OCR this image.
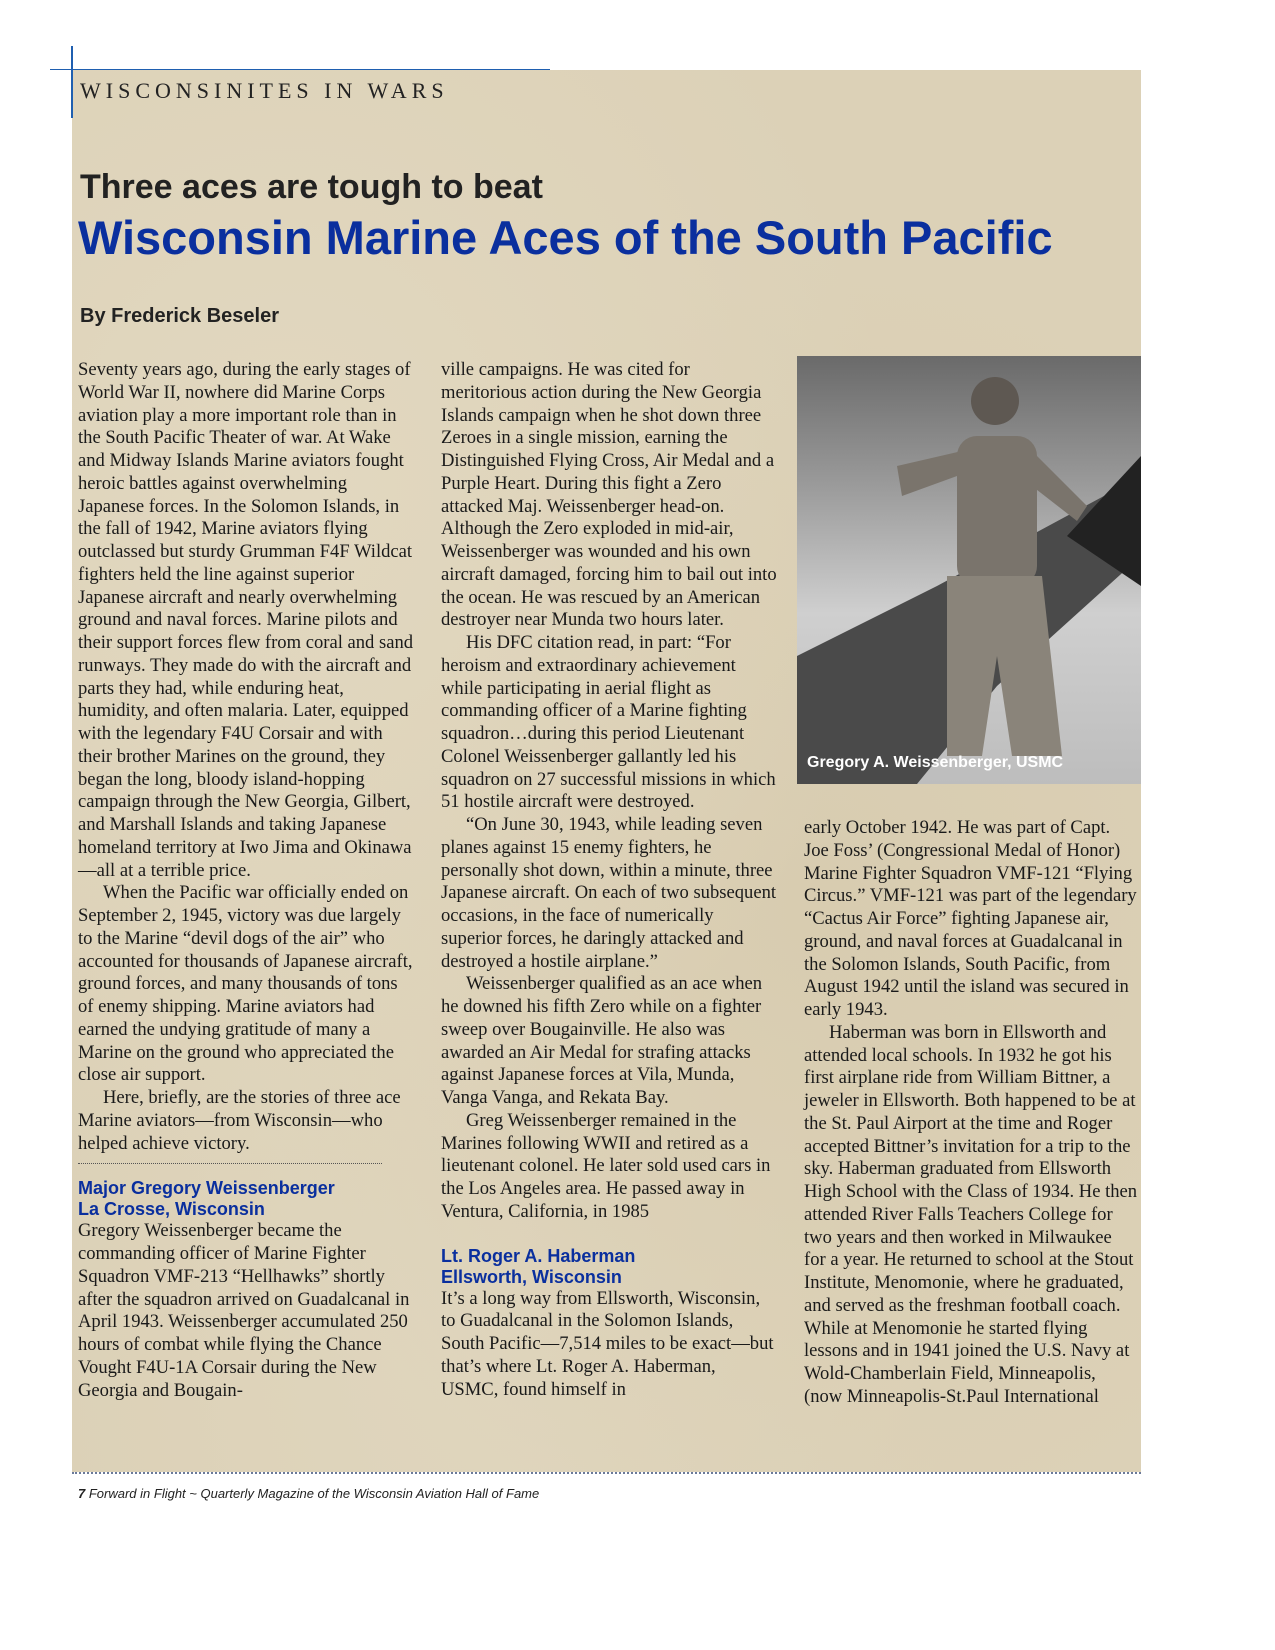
WISCONSINITES IN WARS
Three aces are tough to beat
Wisconsin Marine Aces of the South Pacific
By Frederick Beseler

Seventy years ago, during the early stages of World War II, nowhere did Marine Corps aviation play a more important role than in the South Pacific Theater of war. At Wake and Midway Islands Marine aviators fought heroic battles against overwhelming Japanese forces. In the Solomon Islands, in the fall of 1942, Marine aviators flying outclassed but sturdy Grumman F4F Wildcat fighters held the line against superior Japanese aircraft and nearly overwhelming ground and naval forces. Marine pilots and their support forces flew from coral and sand runways. They made do with the aircraft and parts they had, while enduring heat, humidity, and often malaria. Later, equipped with the legendary F4U Corsair and with their brother Marines on the ground, they began the long, bloody island-hopping campaign through the New Georgia, Gilbert, and Marshall Islands and taking Japanese homeland territory at Iwo Jima and Okinawa—all at a terrible price.

When the Pacific war officially ended on September 2, 1945, victory was due largely to the Marine “devil dogs of the air” who accounted for thousands of Japanese aircraft, ground forces, and many thousands of tons of enemy shipping. Marine aviators had earned the undying gratitude of many a Marine on the ground who appreciated the close air support.

Here, briefly, are the stories of three ace Marine aviators—from Wisconsin—who helped achieve victory.

Major Gregory Weissenberger
La Crosse, Wisconsin

Gregory Weissenberger became the commanding officer of Marine Fighter Squadron VMF-213 “Hellhawks” shortly after the squadron arrived on Guadalcanal in April 1943. Weissenberger accumulated 250 hours of combat while flying the Chance Vought F4U-1A Corsair during the New Georgia and Bougain-

ville campaigns. He was cited for meritorious action during the New Georgia Islands campaign when he shot down three Zeroes in a single mission, earning the Distinguished Flying Cross, Air Medal and a Purple Heart. During this fight a Zero attacked Maj. Weissenberger head-on. Although the Zero exploded in mid-air, Weissenberger was wounded and his own aircraft damaged, forcing him to bail out into the ocean. He was rescued by an American destroyer near Munda two hours later.

His DFC citation read, in part: “For heroism and extraordinary achievement while participating in aerial flight as commanding officer of a Marine fighting squadron…during this period Lieutenant Colonel Weissenberger gallantly led his squadron on 27 successful missions in which 51 hostile aircraft were destroyed.

“On June 30, 1943, while leading seven planes against 15 enemy fighters, he personally shot down, within a minute, three Japanese aircraft. On each of two subsequent occasions, in the face of numerically superior forces, he daringly attacked and destroyed a hostile airplane.”

Weissenberger qualified as an ace when he downed his fifth Zero while on a fighter sweep over Bougainville. He also was awarded an Air Medal for strafing attacks against Japanese forces at Vila, Munda, Vanga Vanga, and Rekata Bay.

Greg Weissenberger remained in the Marines following WWII and retired as a lieutenant colonel. He later sold used cars in the Los Angeles area. He passed away in Ventura, California, in 1985

Lt. Roger A. Haberman
Ellsworth, Wisconsin

It’s a long way from Ellsworth, Wisconsin, to Guadalcanal in the Solomon Islands, South Pacific—7,514 miles to be exact—but that’s where Lt. Roger A. Haberman, USMC, found himself in

Gregory A. Weissenberger, USMC

early October 1942. He was part of Capt. Joe Foss’ (Congressional Medal of Honor) Marine Fighter Squadron VMF-121 “Flying Circus.” VMF-121 was part of the legendary “Cactus Air Force” fighting Japanese air, ground, and naval forces at Guadalcanal in the Solomon Islands, South Pacific, from August 1942 until the island was secured in early 1943.

Haberman was born in Ellsworth and attended local schools. In 1932 he got his first airplane ride from William Bittner, a jeweler in Ellsworth. Both happened to be at the St. Paul Airport at the time and Roger accepted Bittner’s invitation for a trip to the sky. Haberman graduated from Ellsworth High School with the Class of 1934. He then attended River Falls Teachers College for two years and then worked in Milwaukee for a year. He returned to school at the Stout Institute, Menomonie, where he graduated, and served as the freshman football coach. While at Menomonie he started flying lessons and in 1941 joined the U.S. Navy at Wold-Chamberlain Field, Minneapolis, (now Minneapolis-St.Paul International

7 Forward in Flight ~ Quarterly Magazine of the Wisconsin Aviation Hall of Fame
